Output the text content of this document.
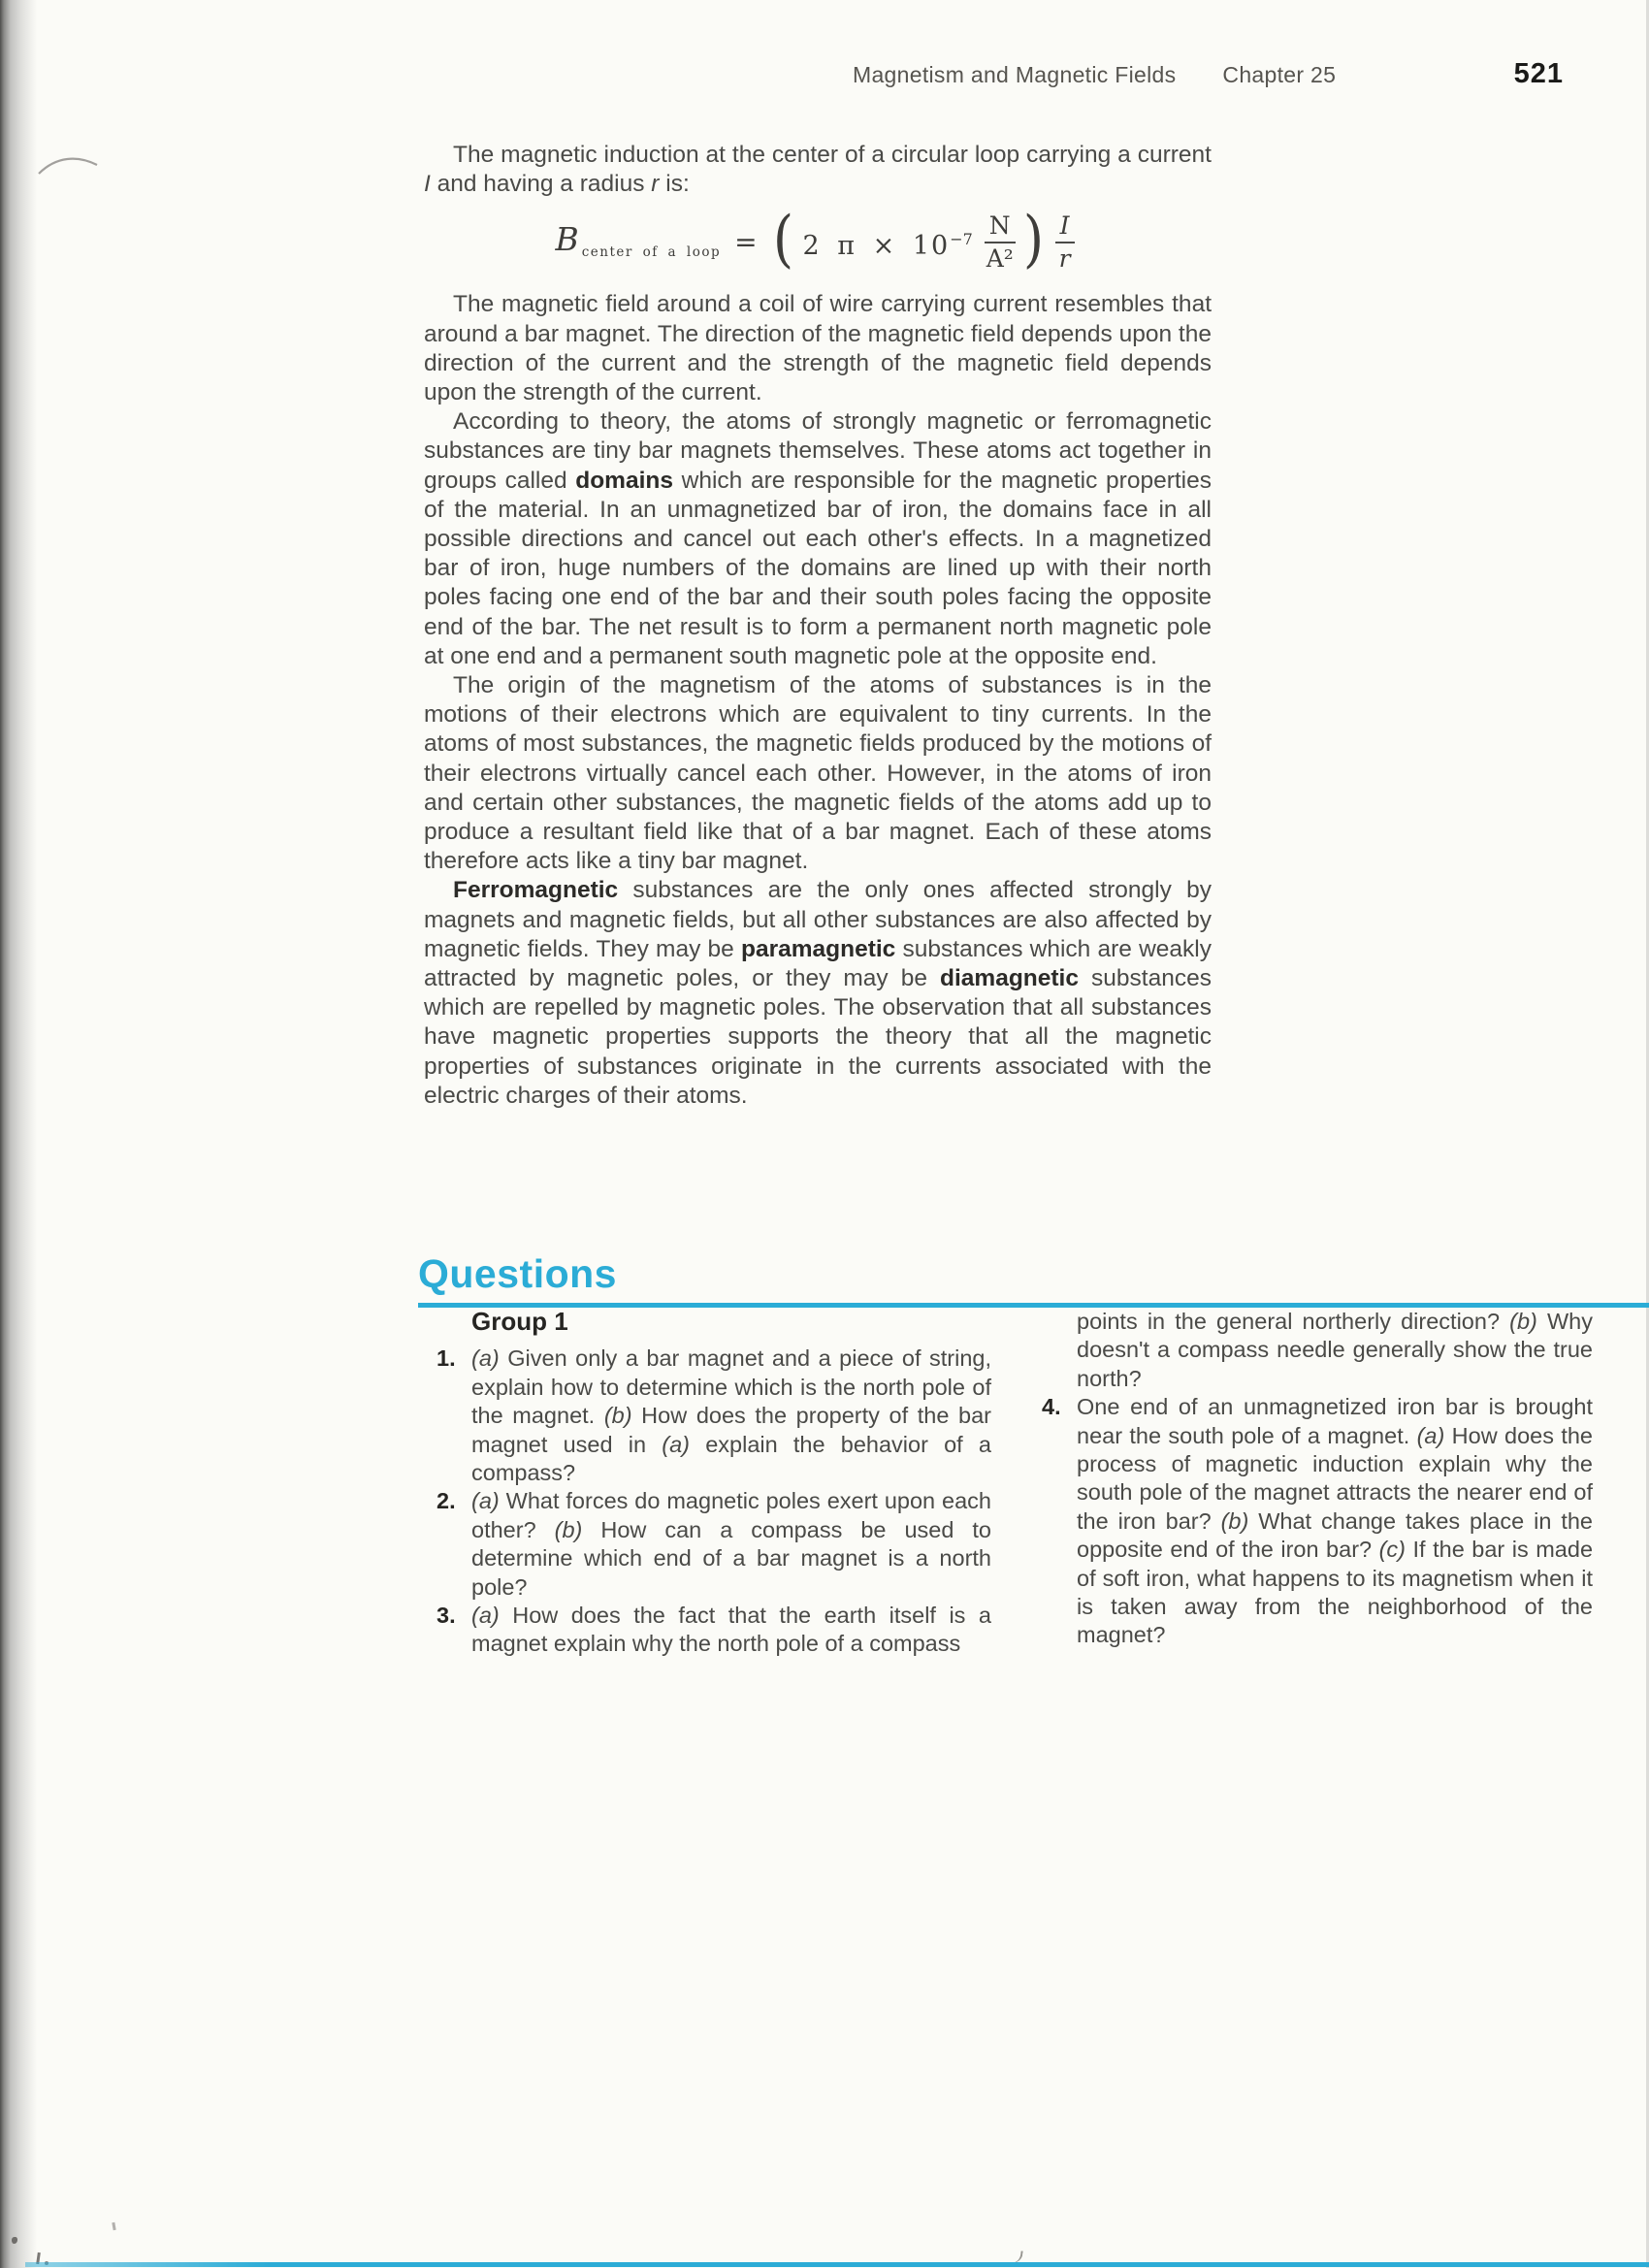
Magnetism and Magnetic Fields Chapter 25	521

The magnetic induction at the center of a circular loop carrying a current I and having a radius r is:

B center of a loop = ( 2 $\pi \times 10^{-7} \frac{N}{\text{A²}}$ ) $\frac{I}{r}$

The magnetic field around a coil of wire carrying current resembles that around a bar magnet. The direction of the magnetic field depends upon the direction of the current and the strength of the magnetic field depends upon the strength of the current.

According to theory, the atoms of strongly magnetic or ferromagnetic substances are tiny bar magnets themselves. These atoms act together in groups called domains which are responsible for the magnetic properties of the material. In an unmagnetized bar of iron, the domains face in all possible directions and cancel out each other's effects. In a magnetized bar of iron, huge numbers of the domains are lined up with their north poles facing one end of the bar and their south poles facing the opposite end of the bar. The net result is to form a permanent north magnetic pole at one end and a permanent south magnetic pole at the opposite end.

The origin of the magnetism of the atoms of substances is in the motions of their electrons which are equivalent to tiny currents. In the atoms of most substances, the magnetic fields produced by the motions of their electrons virtually cancel each other. However, in the atoms of iron and certain other substances, the magnetic fields of the atoms add up to produce a resultant field like that of a bar magnet. Each of these atoms therefore acts like a tiny bar magnet.

Ferromagnetic substances are the only ones affected strongly by magnets and magnetic fields, but all other substances are also affected by magnetic fields. They may be paramagnetic substances which are weakly attracted by magnetic poles, or they may be diamagnetic substances which are repelled by magnetic poles. The observation that all substances have magnetic properties supports the theory that all the magnetic properties of substances originate in the currents associated with the electric charges of their atoms.

Questions
Group 1
1. (a) Given only a bar magnet and a piece of string, explain how to determine which is the north pole of the magnet. (b) How does the property of the bar magnet used in (a) explain the behavior of a compass?
2. (a) What forces do magnetic poles exert upon each other? (b) How can a compass be used to determine which end of a bar magnet is a north pole?
3. (a) How does the fact that the earth itself is a magnet explain why the north pole of a compass
points in the general northerly direction? (b) Why doesn't a compass needle generally show the true north?
4. One end of an unmagnetized iron bar is brought near the south pole of a magnet. (a) How does the process of magnetic induction explain why the south pole of the magnet attracts the nearer end of the iron bar? (b) What change takes place in the opposite end of the iron bar? (c) If the bar is made of soft iron, what happens to its magnetism when it is taken away from the neighborhood of the magnet?
